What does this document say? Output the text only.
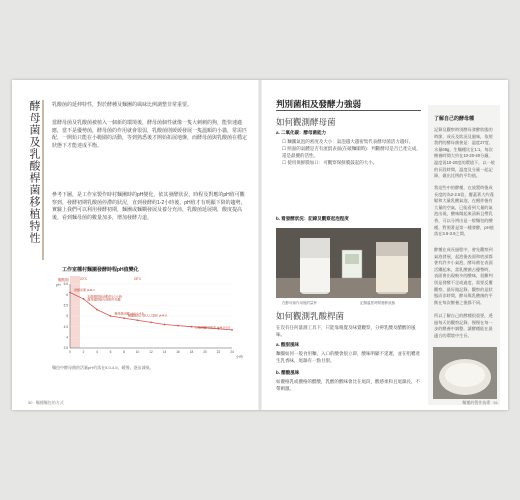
酵母菌及乳酸桿菌移植特性 乳酸菌的延伸特性，對於酵種及麵團的風味比例調整非常重要。
當酵母菌及乳酸菌被植入一個新的環境後，酵母菌個性就像一隻大刺刺的狗，能快速適應，當不是優勢菌，酵母菌的作用就會很弱，乳酸菌則緩緩發展一隻溫順的小貓，常需匹配，一開始只能在小範圍的活動，等到熟悉後才開始拓展地盤，而酵母菌與乳酸菌在穩定狀態下才能達成平衡。
參考下圖，是工作室製作時村麵團時的pH變化，依其發酵狀況，時程及對應的pH值可觀察到，發酵初期乳酸菌停滯的狀況，直到發酵約1-2小時後，pH值才有明顯下降的趨勢，實驗上我們可以利用發酵初期，麵團或麵糊發展及養分充沛，乳酸菌延展期，酸度提高後，看到麵母菌的數量加多，增加發酵力道。
工作室種村麵團發酵時程pH值變化
醒酸期
6.5
6
5.5
5
4.5
4
3.5
0	2	4	6	8	10	12	14	16	18	20	22	24
發酵初期 pH6.1
乳酸菌開始活動約1-2小時
酵母菌開始分泌胞外多醣
麵母菌活躍 pH5.0-4.8
麵團酸化口感入口柔和 pH4.8
以麵種酵母保存 pH4.0-3.5
20°C	25°C
小時
pH
麵包中酵母菌的活量pH約落在5.0-4.5，緩慢、逐步減低。
50 麵種麵包的方式
判別菌相及發酵力強弱
如何觀測酵母菌
a. 二氧化碳：酵母菌能力
☐ 麵團氣泡的密度及大小：氣泡越大越密集代表酵母菌活力越好。
☐ 照面的氣體是否有流竄表面(在破麵團時)：判斷酵母是否已產完成，還是最優的活性。
☐ 使用保鮮膜加口：可觀察保鮮膜鼓起的大小。
b. 看發酵狀況：記錄及觀察起泡程度
在酵母菌作用後的量杯	記錄溫度時間發酵狀態
如何觀測乳酸桿菌
在沒有任何量測工具下，只能靠嗅覺及味覺觀察，分辨乳酸及醋酸的風味。
a. 酸甜風味
麵團如何一般食用麵，入口的酸會很立即，酸味明顯不延遲，並在咀嚼產生乳香味，尾韻有一點甘甜。
b. 醋酸風味
如優格乳或優格的醋酸，乳酸的酸味會比在尾段，酸感柔和且尾韻長，不帶刺激。
了解自己的酵母種
記錄及觀察時別酵母發酵狀態的時節，成長及狀況及風味，依照我們的酵母菌會是：溫度27度、水量68g，生麵種比在1:1，每次餵養時間大約在10-20-40分鐘，溫度再10-20度的環境下，以一般的長段時間，溫度及分量一起記錄，做出比例的平均值。
我這些中的酵種，在放置時後成長度的為2-2.5倍，覆蓋著大約蓬鬆和大量乳酸氣泡，在攪拌後有大量的空氣，已能看到大量的氣泡出現，酸味聞起來清新且帶乳香，可以分辨出是一般麵包的酸種，對照著是第一種發酵，pH值落在3.6-3.9之間。
酵種在成長過程中，會先觀察到氣泡發展，起泡後表面和底部都會有許多小氣泡，酵母菌在表面活躍起來，當乳酸菌占優勢時，表面會出現較多的酸味，很難判別是發酵不足或過度，需要反覆觀察，最好做記錄，觀察的是狀態而非時間，酵母與乳酸菌的平衡在每次餵養之後都不同。
所以了解自己的酵種很重要，透過每天的觀察記錄，慢慢在每一步的餵養中調整，讓酵種能在最適合的環境中生長。
麵種的製作技術 51
